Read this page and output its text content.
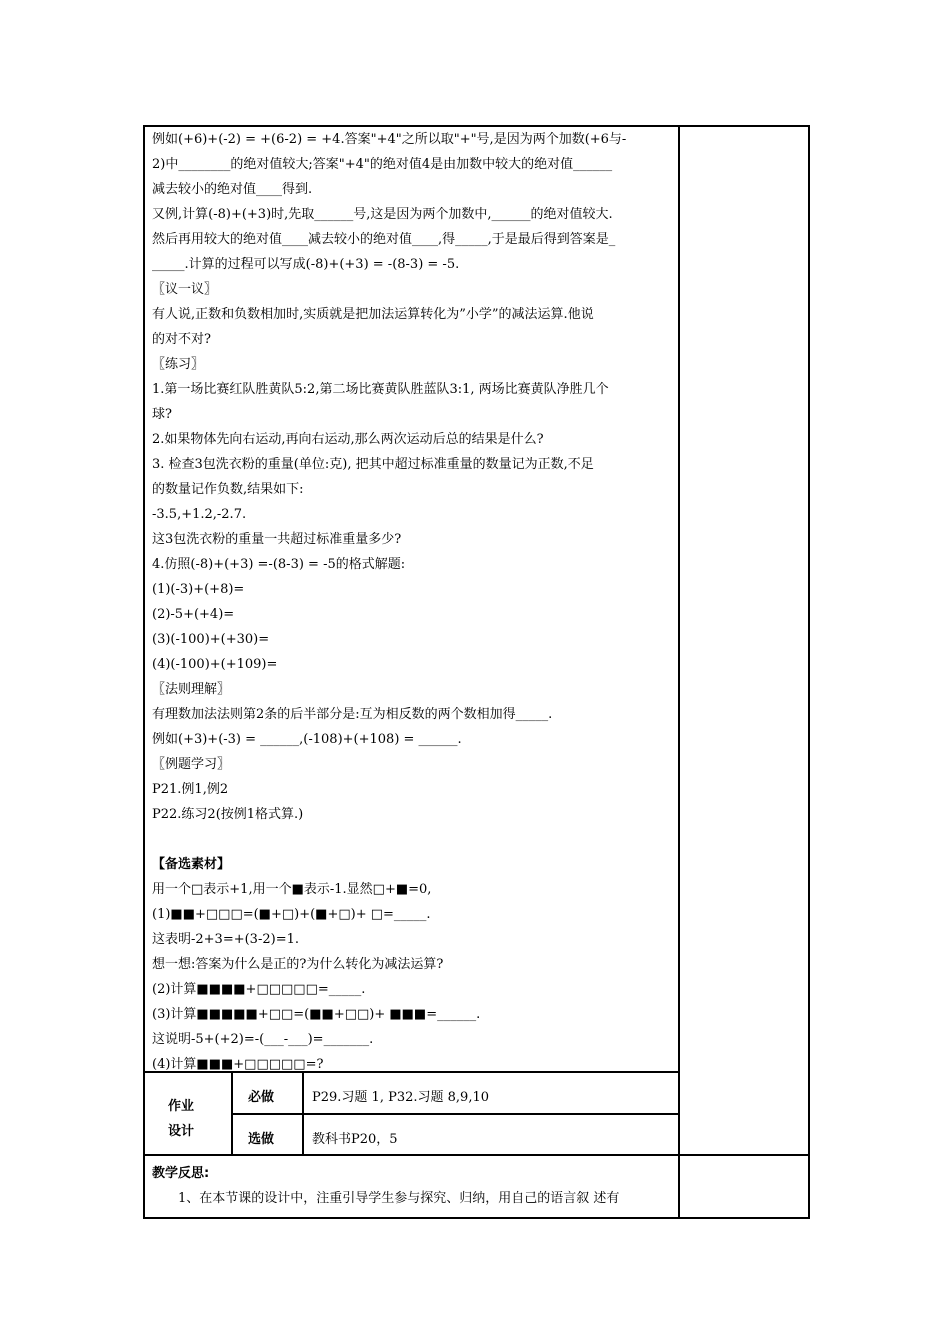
例如(+6)+(-2) = +(6-2) = +4.答案"+4"之所以取"+"号,是因为两个加数(+6与-
2)中________的绝对值较大;答案"+4"的绝对值4是由加数中较大的绝对值______
减去较小的绝对值____得到.
又例,计算(-8)+(+3)时,先取______号,这是因为两个加数中,______的绝对值较大.
然后再用较大的绝对值____减去较小的绝对值____,得_____,于是最后得到答案是_
_____.计算的过程可以写成(-8)+(+3) = -(8-3) = -5.
〖议一议〗
有人说,正数和负数相加时,实质就是把加法运算转化为”小学”的减法运算.他说
的对不对?
〖练习〗
1.第一场比赛红队胜黄队5:2,第二场比赛黄队胜蓝队3:1, 两场比赛黄队净胜几个
球?
2.如果物体先向右运动,再向右运动,那么两次运动后总的结果是什么?
3. 检查3包洗衣粉的重量(单位:克), 把其中超过标准重量的数量记为正数,不足
的数量记作负数,结果如下:
-3.5,+1.2,-2.7.
这3包洗衣粉的重量一共超过标准重量多少?
4.仿照(-8)+(+3) =-(8-3) = -5的格式解题:
(1)(-3)+(+8)=
(2)-5+(+4)=
(3)(-100)+(+30)=
(4)(-100)+(+109)=
〖法则理解〗
有理数加法法则第2条的后半部分是:互为相反数的两个数相加得_____.
例如(+3)+(-3) = ______,(-108)+(+108) = ______.
〖例题学习〗
P21.例1,例2
P22.练习2(按例1格式算.)
【备选素材】
用一个□表示+1,用一个■表示-1.显然□+■=0,
(1)■■+□□□=(■+□)+(■+□)+ □=_____.
这表明-2+3=+(3-2)=1.
想一想:答案为什么是正的?为什么转化为减法运算?
(2)计算■■■■+□□□□□=_____.
(3)计算■■■■■+□□=(■■+□□)+ ■■■=______.
这说明-5+(+2)=-(___-___)=_______.
(4)计算■■■+□□□□□=?
作业
设计
必做	P29.习题 1, P32.习题 8,9,10
选做	教科书P20，5
教学反思:
1、在本节课的设计中，注重引导学生参与探究、归纳，用自己的语言叙 述有
